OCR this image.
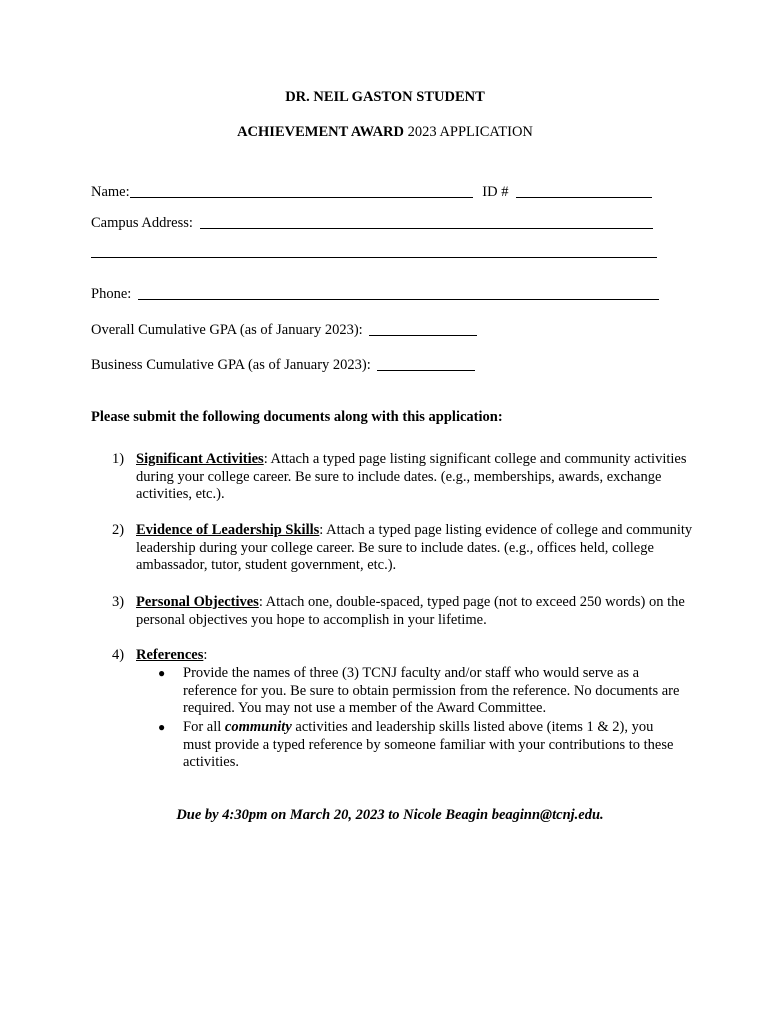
DR. NEIL GASTON STUDENT
ACHIEVEMENT AWARD 2023 APPLICATION
Name:	ID #
Campus Address:
Phone:
Overall Cumulative GPA (as of January 2023):
Business Cumulative GPA (as of January 2023):
Please submit the following documents along with this application:
1) Significant Activities: Attach a typed page listing significant college and community activities during your college career. Be sure to include dates. (e.g., memberships, awards, exchange activities, etc.).
2) Evidence of Leadership Skills: Attach a typed page listing evidence of college and community leadership during your college career. Be sure to include dates. (e.g., offices held, college ambassador, tutor, student government, etc.).
3) Personal Objectives: Attach one, double-spaced, typed page (not to exceed 250 words) on the personal objectives you hope to accomplish in your lifetime.
4) References:
● Provide the names of three (3) TCNJ faculty and/or staff who would serve as a reference for you. Be sure to obtain permission from the reference. No documents are required. You may not use a member of the Award Committee.
● For all community activities and leadership skills listed above (items 1 & 2), you must provide a typed reference by someone familiar with your contributions to these activities.
Due by 4:30pm on March 20, 2023 to Nicole Beagin beaginn@tcnj.edu.
